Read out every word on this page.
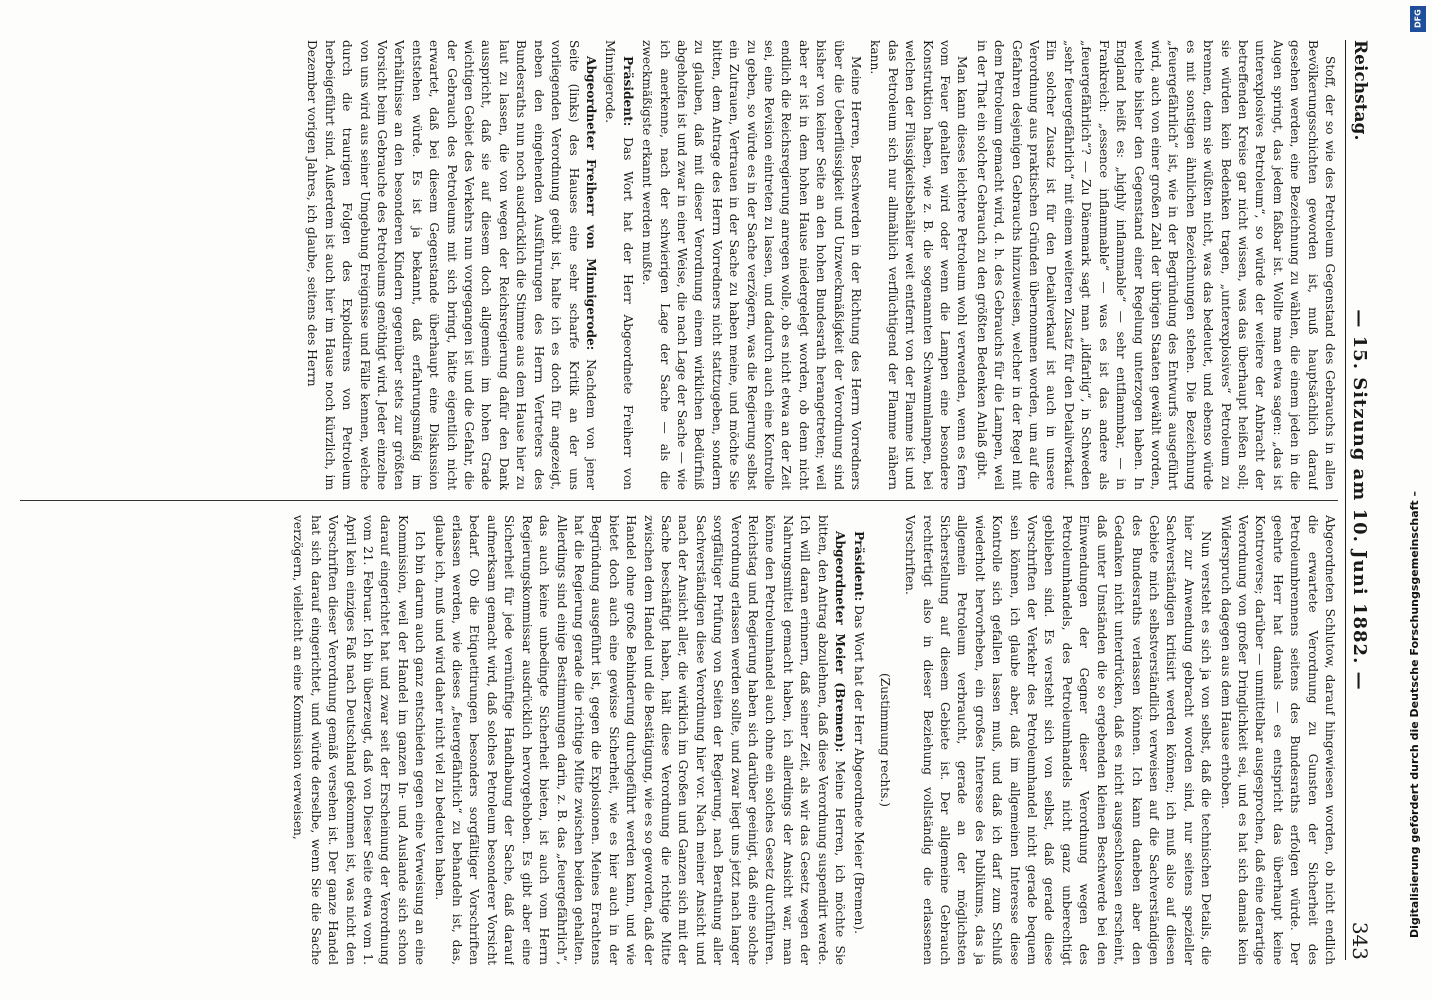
Reichstag.
— 15. Sitzung am 10. Juni 1882. —
343

Stoff, der so wie des Petroleum Gegenstand des Gebrauchs in allen Bevölkerungsschichten geworden ist, muß hauptsächlich darauf gesehen werden, eine Bezeichnung zu wählen, die einem jeden in die Augen springt, das jedem faßbar ist. Wollte man etwa sagen: „das ist unterexplosives Petroleum“, so würde der weitere der Anbracht der betreffenden Kreise gar nicht wissen, was das überhaupt heißen soll; sie würden kein Bedenken tragen, „unterexplosives“ Petroleum zu brennen, denn sie wüßten nicht, was das bedeutet, und ebenso würde es mit sonstigen ähnlichen Bezeichnungen stehen. Die Bezeichnung „feuergefährlich“ ist, wie in der Begründung des Entwurfs ausgeführt wird, auch von einer großen Zahl der übrigen Staaten gewählt worden, welche bisher den Gegenstand einer Regelung unterzogen haben. In England heißt es: „highly inflammable“ — sehr entflammbar, — in Frankreich: „essence inflammable“ — was es ist das andere als „feuergefährlich“? — Zu Dänemark sagt man „ildfarlig“, in Schweden „sehr feuergefährlich“ mit einem weiteren Zusatz für den Detailverkauf. Ein solcher Zusatz ist für den Detailverkauf ist auch in unsere Verordnung aus praktischen Gründen übernommen worden, um auf die Gefahren desjenigen Gebrauchs hinzuweisen, welcher in der Regel mit dem Petroleum gemacht wird, d. h. des Gebrauchs für die Lampen, weil in der That ein solcher Gebrauch zu den größten Bedenken Anlaß gibt.

Man kann dieses leichtere Petroleum wohl verwenden, wenn es fern vom Feuer gehalten wird oder wenn die Lampen eine besondere Konstruktion haben, wie z. B. die sogenannten Schwammlampen, bei welchen der Flüssigkeitsbehälter weit entfernt von der Flamme ist und das Petroleum sich nur allmählich verflüchtigend der Flamme nähern kann.

Meine Herren, Beschwerden in der Richtung des Herrn Vorredners über die Ueberflüssigkeit und Unzweckmäßigkeit der Verordnung sind bisher von keiner Seite an den hohen Bundesrath herangetreten; weil aber er ist in dem hohen Hause niedergelegt worden, ob denn nicht endlich die Reichsregierung anregen wolle, ob es nicht etwa an der Zeit sei, eine Revision eintreten zu lassen, und dadurch auch eine Kontrolle zu geben, so würde es in der Sache verzögern, was die Regierung selbst ein Zutrauen, Vertrauen in der Sache zu haben meine, und möchte Sie bitten, dem Antrage des Herrn Vorredners nicht stattzugeben, sondern zu glauben, daß mit dieser Verordnung einem wirklichen Bedürfniß abgeholfen ist und zwar in einer Weise, die nach Lage der Sache — wie ich anerkenne, nach der schwierigen Lage der Sache — als die zweckmäßigste erkannt werden mußte.

Präsident: Das Wort hat der Herr Abgeordnete Freiherr von Minnigerode.

Abgeordneter Freiherr von Minnigerode: Nachdem von jener Seite (links) des Hauses eine sehr scharfe Kritik an der uns vorliegenden Verordnung geübt ist, halte ich es doch für angezeigt, neben den eingehenden Ausführungen des Herrn Vertreters des Bundesraths nun noch ausdrücklich die Stimme aus dem Hause hier zu laut zu lassen, die von wegen der Reichsregierung dafür den Dank ausspricht, daß sie auf diesem doch allgemein im hohen Grade wichtigen Gebiet des Verkehrs nun vorgegangen ist und die Gefahr, die der Gebrauch des Petroleums mit sich bringt, hätte eigentlich nicht erwartet, daß bei diesem Gegenstande überhaupt eine Diskussion entstehen würde. Es ist ja bekannt, daß erfahrungsmäßig im Verhältnisse an den besonderen Kindern gegenüber stets zur größten Vorsicht beim Gebrauche des Petroleums genöthigt wird. Jeder einzelne von uns wird aus seiner Umgebung Ereignisse und Fälle kennen, welche durch die traurigen Folgen des Explodirens von Petroleum herbeigeführt sind. Außerdem ist auch hier im Hause noch kürzlich, im Dezember vorigen Jahres, ich glaube, seitens des Herrn

Abgeordneten Schlutow, darauf hingewiesen worden, ob nicht endlich die erwartete Verordnung zu Gunsten der Sicherheit des Petroleumbrennens seitens des Bundesraths erfolgen würde. Der geehrte Herr hat damals — es entspricht das überhaupt keine Kontroverse; darüber — unmittelbar ausgesprochen, daß eine derartige Verordnung von großer Dringlichkeit sei, und es hat sich damals kein Widerspruch dagegen aus dem Hause erhoben.

Nun versteht es sich ja von selbst, daß die technischen Details, die hier zur Anwendung gebracht worden sind, nur seitens spezieller Sachverständigen kritisirt werden können; ich muß also auf diesen Gebiete mich selbstverständlich verweisen auf die Sachverständigen des Bundesraths verlassen können. Ich kann daneben aber den Gedanken nicht unterdrücken, daß es nicht ausgeschlossen erscheint, daß unter Umständen die so ergebenden kleinen Beschwerde bei den Einwendungen der Gegner dieser Verordnung wegen des Petroleumhandels, des Petroleumhandels nicht ganz unberechtigt geblieben sind. Es versteht sich von selbst, daß gerade diese Vorschriften der Verkehr des Petroleumhandel nicht gerade bequem sein können, ich glaube aber, daß im allgemeinen Interesse diese Kontrolle sich gefallen lassen muß, und daß ich darf zum Schluß wiederholt hervorheben, ein großes Interesse des Publikums, das ja allgemein Petroleum verbraucht, gerade an der möglichsten Sicherstellung auf diesem Gebiete ist. Der allgemeine Gebrauch rechtfertigt also in dieser Beziehung vollständig die erlassenen Vorschriften.

(Zustimmung rechts.)

Präsident: Das Wort hat der Herr Abgeordnete Meier (Bremen).

Abgeordneter Meier (Bremen): Meine Herren, ich möchte Sie bitten, den Antrag abzulehnen, daß diese Verordnung suspendirt werde. Ich will daran erinnern, daß seiner Zeit, als wir das Gesetz wegen der Nahrungsmittel gemacht haben, ich allerdings der Ansicht war, man könne den Petroleumhandel auch ohne ein solches Gesetz durchführen. Reichstag und Regierung haben sich darüber geeinigt, daß eine solche Verordnung erlassen werden sollte, und zwar liegt uns jetzt nach langer sorgfältiger Prüfung von Seiten der Regierung, nach Berathung aller Sachverständigen diese Verordnung hier vor. Nach meiner Ansicht und nach der Ansicht aller, die wirklich im Großen und Ganzen sich mit der Sache beschäftigt haben, hält diese Verordnung die richtige Mitte zwischen dem Handel und die Bestätigung, wie es so geworden, daß der Handel ohne große Behinderung durchgeführt werden kann, und wie bietet doch auch eine gewisse Sicherheit, wie es hier auch in der Begründung ausgeführt ist, gegen die Explosionen. Meines Erachtens hat die Regierung gerade die richtige Mitte zwischen beiden gehalten. Allerdings sind einige Bestimmungen darin, z. B. das „feuergefährlich“, das auch keine unbedingte Sicherheit bieten, ist auch vom Herrn Regierungskommissar ausdrücklich hervorgehoben. Es gibt aber eine Sicherheit für jede vernünftige Handhabung der Sache, daß darauf aufmerksam gemacht wird, daß solches Petroleum besonderer Vorsicht bedarf. Ob die Etiquettirungen besonders sorgfältiger Vorschriften erlassen werden, wie dieses „feuergefährlich“ zu behandeln ist, das, glaube ich, muß und wird daher nicht viel zu bedeuten haben.

Ich bin darum auch ganz entschieden gegen eine Verweisung an eine Kommission, weil der Handel im ganzen In- und Auslande sich schon darauf eingerichtet hat und zwar seit der Erscheinung der Verordnung vom 21. Februar. Ich bin überzeugt, daß von Dieser Seite etwa vom 1. April kein einziges Faß nach Deutschland gekommen ist, was nicht den Vorschriften dieser Verordnung gemäß versehen ist. Der ganze Handel hat sich darauf eingerichtet, und würde derselbe, wenn Sie die Sache verzögern, vielleicht an eine Kommission verweisen,	Digitalisierung gefördert durch die Deutsche Forschungsgemeinschaft –
DFG
